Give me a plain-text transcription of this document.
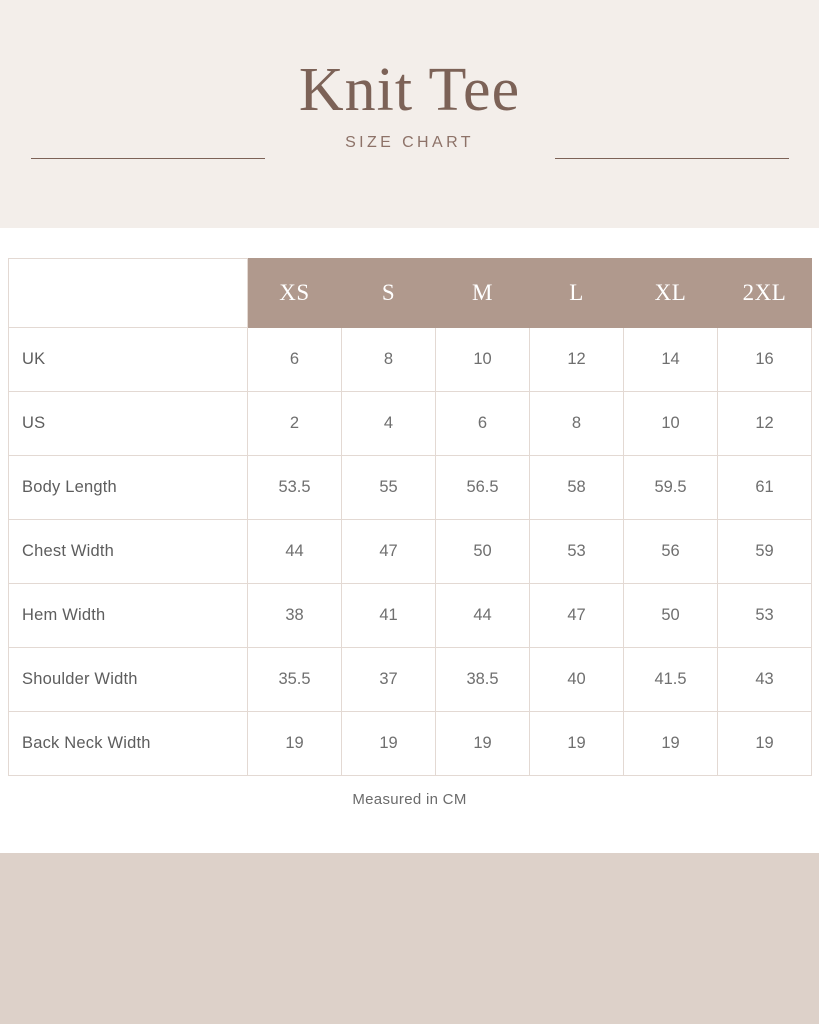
Knit Tee
SIZE CHART
	XS	S	M	L	XL	2XL
UK	6	8	10	12	14	16
US	2	4	6	8	10	12
Body Length	53.5	55	56.5	58	59.5	61
Chest Width	44	47	50	53	56	59
Hem Width	38	41	44	47	50	53
Shoulder Width	35.5	37	38.5	40	41.5	43
Back Neck Width	19	19	19	19	19	19
Measured in CM
